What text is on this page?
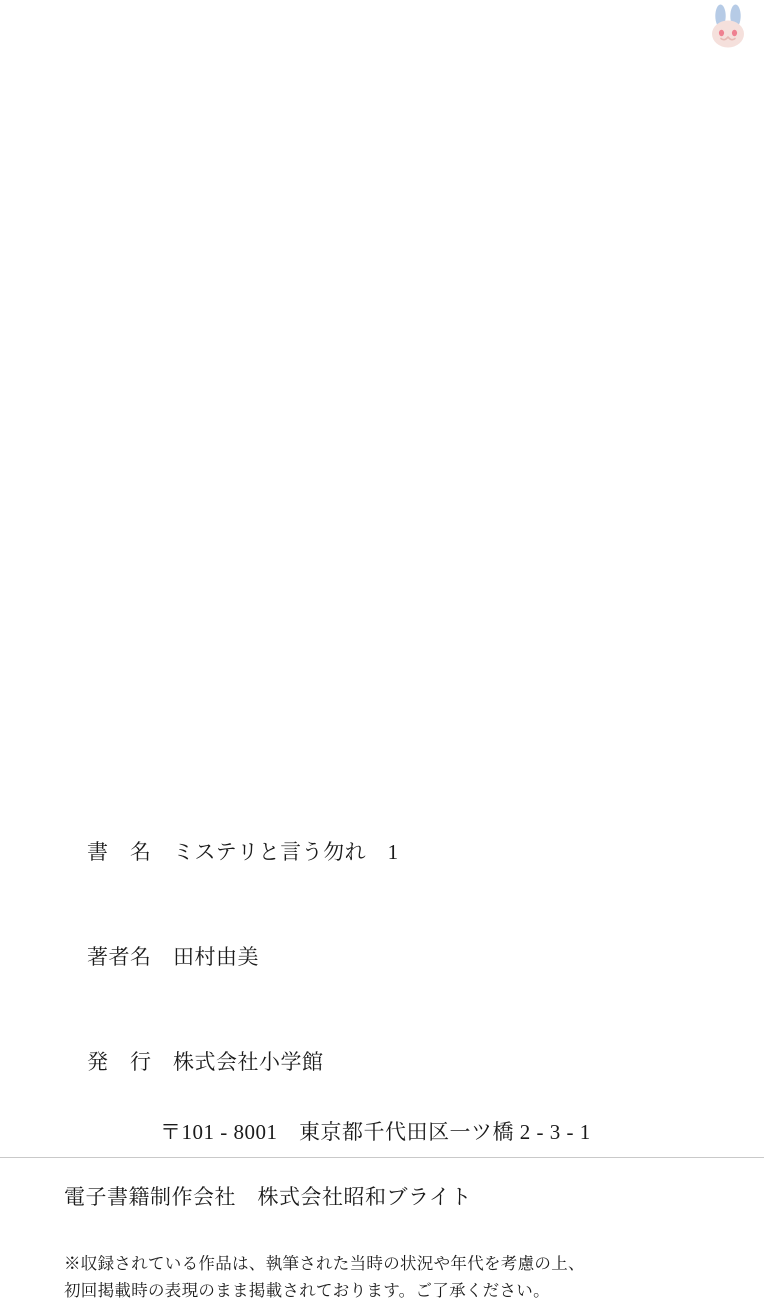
書　名 ミステリと言う勿れ　1

著者名 田村由美

発　行 株式会社小学館

〒101 - 8001　東京都千代田区一ツ橋 2 - 3 - 1
電子書籍制作会社　株式会社昭和ブライト
※収録されている作品は、執筆された当時の状況や年代を考慮の上、
初回掲載時の表現のまま掲載されております。ご了承ください。
